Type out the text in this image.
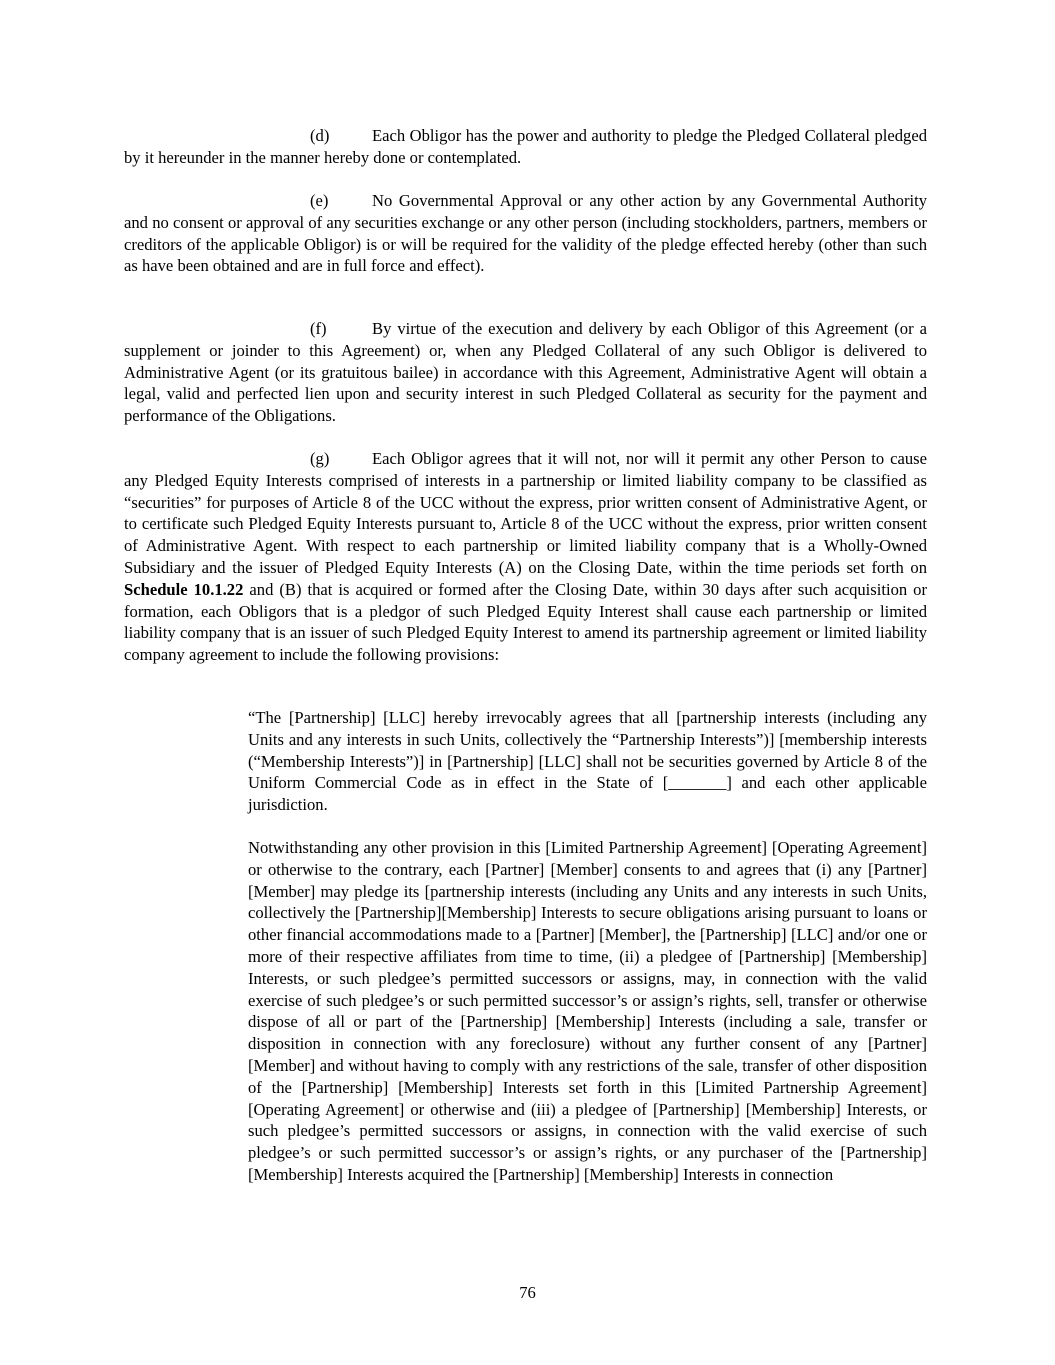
(d)	Each Obligor has the power and authority to pledge the Pledged Collateral pledged by it hereunder in the manner hereby done or contemplated.

(e)	No Governmental Approval or any other action by any Governmental Authority and no consent or approval of any securities exchange or any other person (including stockholders, partners, members or creditors of the applicable Obligor) is or will be required for the validity of the pledge effected hereby (other than such as have been obtained and are in full force and effect).

(f)	By virtue of the execution and delivery by each Obligor of this Agreement (or a supplement or joinder to this Agreement) or, when any Pledged Collateral of any such Obligor is delivered to Administrative Agent (or its gratuitous bailee) in accordance with this Agreement, Administrative Agent will obtain a legal, valid and perfected lien upon and security interest in such Pledged Collateral as security for the payment and performance of the Obligations.

(g)	Each Obligor agrees that it will not, nor will it permit any other Person to cause any Pledged Equity Interests comprised of interests in a partnership or limited liability company to be classified as “securities” for purposes of Article 8 of the UCC without the express, prior written consent of Administrative Agent, or to certificate such Pledged Equity Interests pursuant to, Article 8 of the UCC without the express, prior written consent of Administrative Agent. With respect to each partnership or limited liability company that is a Wholly-Owned Subsidiary and the issuer of Pledged Equity Interests (A) on the Closing Date, within the time periods set forth on Schedule 10.1.22 and (B) that is acquired or formed after the Closing Date, within 30 days after such acquisition or formation, each Obligors that is a pledgor of such Pledged Equity Interest shall cause each partnership or limited liability company that is an issuer of such Pledged Equity Interest to amend its partnership agreement or limited liability company agreement to include the following provisions:

“The [Partnership] [LLC] hereby irrevocably agrees that all [partnership interests (including any Units and any interests in such Units, collectively the “Partnership Interests”)] [membership interests (“Membership Interests”)] in [Partnership] [LLC] shall not be securities governed by Article 8 of the Uniform Commercial Code as in effect in the State of [_______] and each other applicable jurisdiction.

Notwithstanding any other provision in this [Limited Partnership Agreement] [Operating Agreement] or otherwise to the contrary, each [Partner] [Member] consents to and agrees that (i) any [Partner] [Member] may pledge its [partnership interests (including any Units and any interests in such Units, collectively the [Partnership][Membership] Interests to secure obligations arising pursuant to loans or other financial accommodations made to a [Partner] [Member], the [Partnership] [LLC] and/or one or more of their respective affiliates from time to time, (ii) a pledgee of [Partnership] [Membership] Interests, or such pledgee’s permitted successors or assigns, may, in connection with the valid exercise of such pledgee’s or such permitted successor’s or assign’s rights, sell, transfer or otherwise dispose of all or part of the [Partnership] [Membership] Interests (including a sale, transfer or disposition in connection with any foreclosure) without any further consent of any [Partner] [Member] and without having to comply with any restrictions of the sale, transfer of other disposition of the [Partnership] [Membership] Interests set forth in this [Limited Partnership Agreement] [Operating Agreement] or otherwise and (iii) a pledgee of [Partnership] [Membership] Interests, or such pledgee’s permitted successors or assigns, in connection with the valid exercise of such pledgee’s or such permitted successor’s or assign’s rights, or any purchaser of the [Partnership] [Membership] Interests acquired the [Partnership] [Membership] Interests in connection

76
